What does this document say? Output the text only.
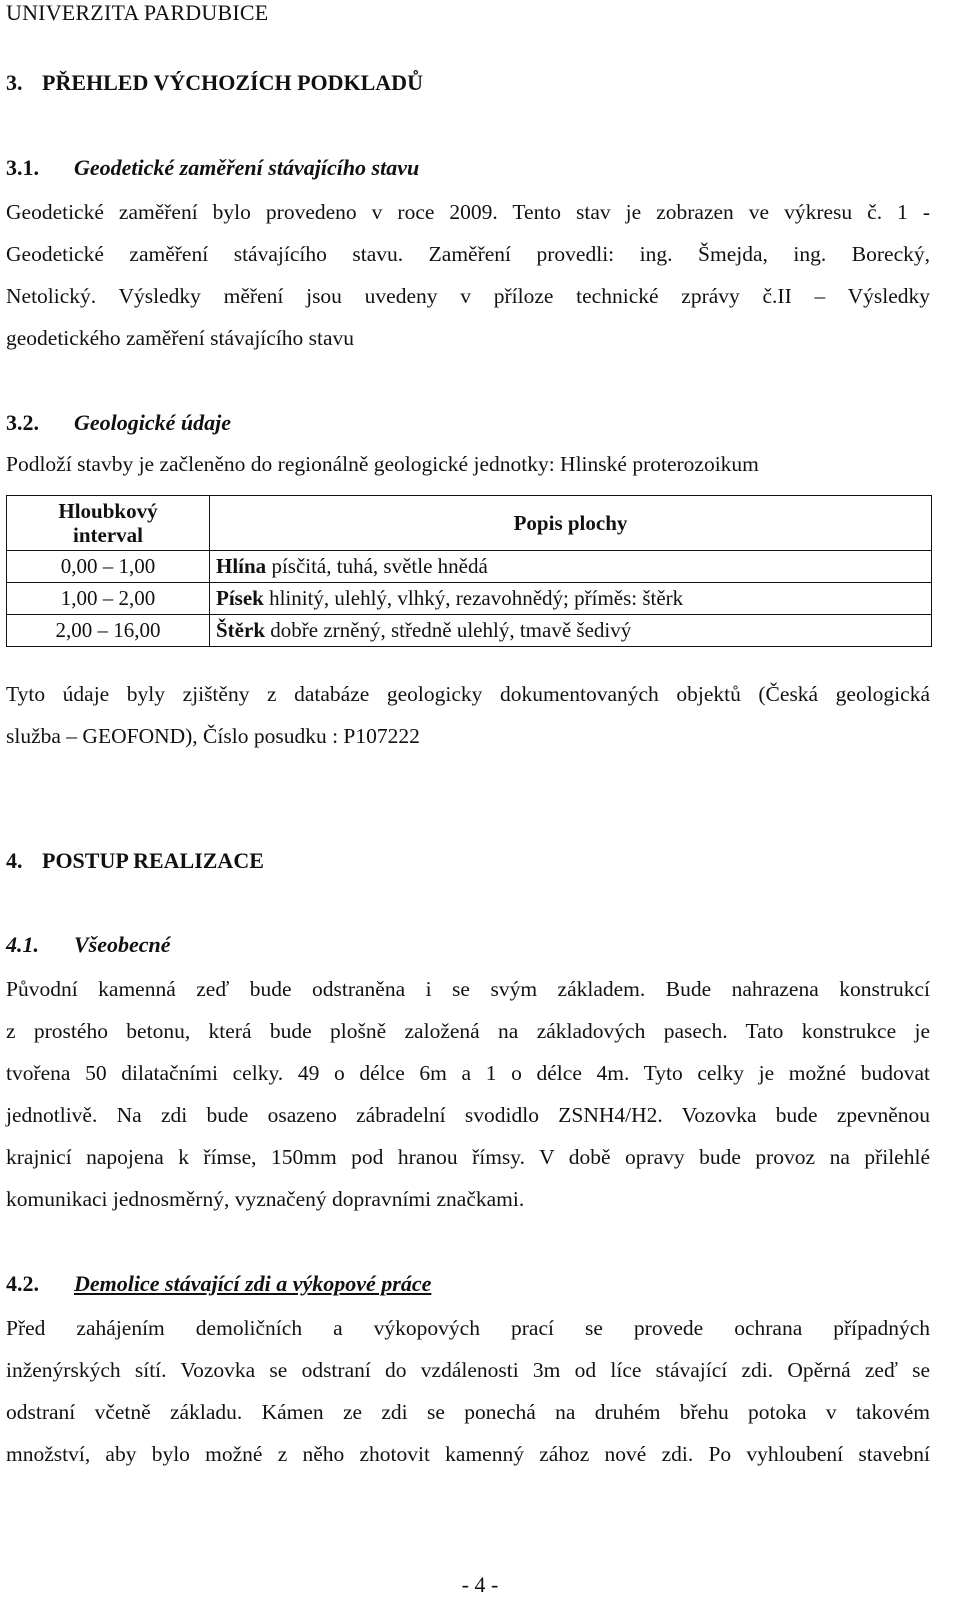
UNIVERZITA PARDUBICE
3. PŘEHLED VÝCHOZÍCH PODKLADŮ
3.1. Geodetické zaměření stávajícího stavu
Geodetické zaměření bylo provedeno v roce 2009. Tento stav je zobrazen ve výkresu č. 1 -
Geodetické zaměření stávajícího stavu. Zaměření provedli: ing. Šmejda, ing. Borecký,
Netolický. Výsledky měření jsou uvedeny v příloze technické zprávy č.II – Výsledky
geodetického zaměření stávajícího stavu
3.2. Geologické údaje
Podloží stavby je začleněno do regionálně geologické jednotky: Hlinské proterozoikum
Hloubkový
interval	Popis plochy
0,00 – 1,00	Hlína písčitá, tuhá, světle hnědá
1,00 – 2,00	Písek hlinitý, ulehlý, vlhký, rezavohnědý; příměs: štěrk
2,00 – 16,00	Štěrk dobře zrněný, středně ulehlý, tmavě šedivý
Tyto údaje byly zjištěny z databáze geologicky dokumentovaných objektů (Česká geologická
služba – GEOFOND), Číslo posudku : P107222
4. POSTUP REALIZACE
4.1. Všeobecné
Původní kamenná zeď bude odstraněna i se svým základem. Bude nahrazena konstrukcí
z prostého betonu, která bude plošně založená na základových pasech. Tato konstrukce je
tvořena 50 dilatačními celky. 49 o délce 6m a 1 o délce 4m. Tyto celky je možné budovat
jednotlivě. Na zdi bude osazeno zábradelní svodidlo ZSNH4/H2. Vozovka bude zpevněnou
krajnicí napojena k římse, 150mm pod hranou římsy. V době opravy bude provoz na přilehlé
komunikaci jednosměrný, vyznačený dopravními značkami.
4.2. Demolice stávající zdi a výkopové práce
Před zahájením demoličních a výkopových prací se provede ochrana případných
inženýrských sítí. Vozovka se odstraní do vzdálenosti 3m od líce stávající zdi. Opěrná zeď se
odstraní včetně základu. Kámen ze zdi se ponechá na druhém břehu potoka v takovém
množství, aby bylo možné z něho zhotovit kamenný zához nové zdi. Po vyhloubení stavební
- 4 -
